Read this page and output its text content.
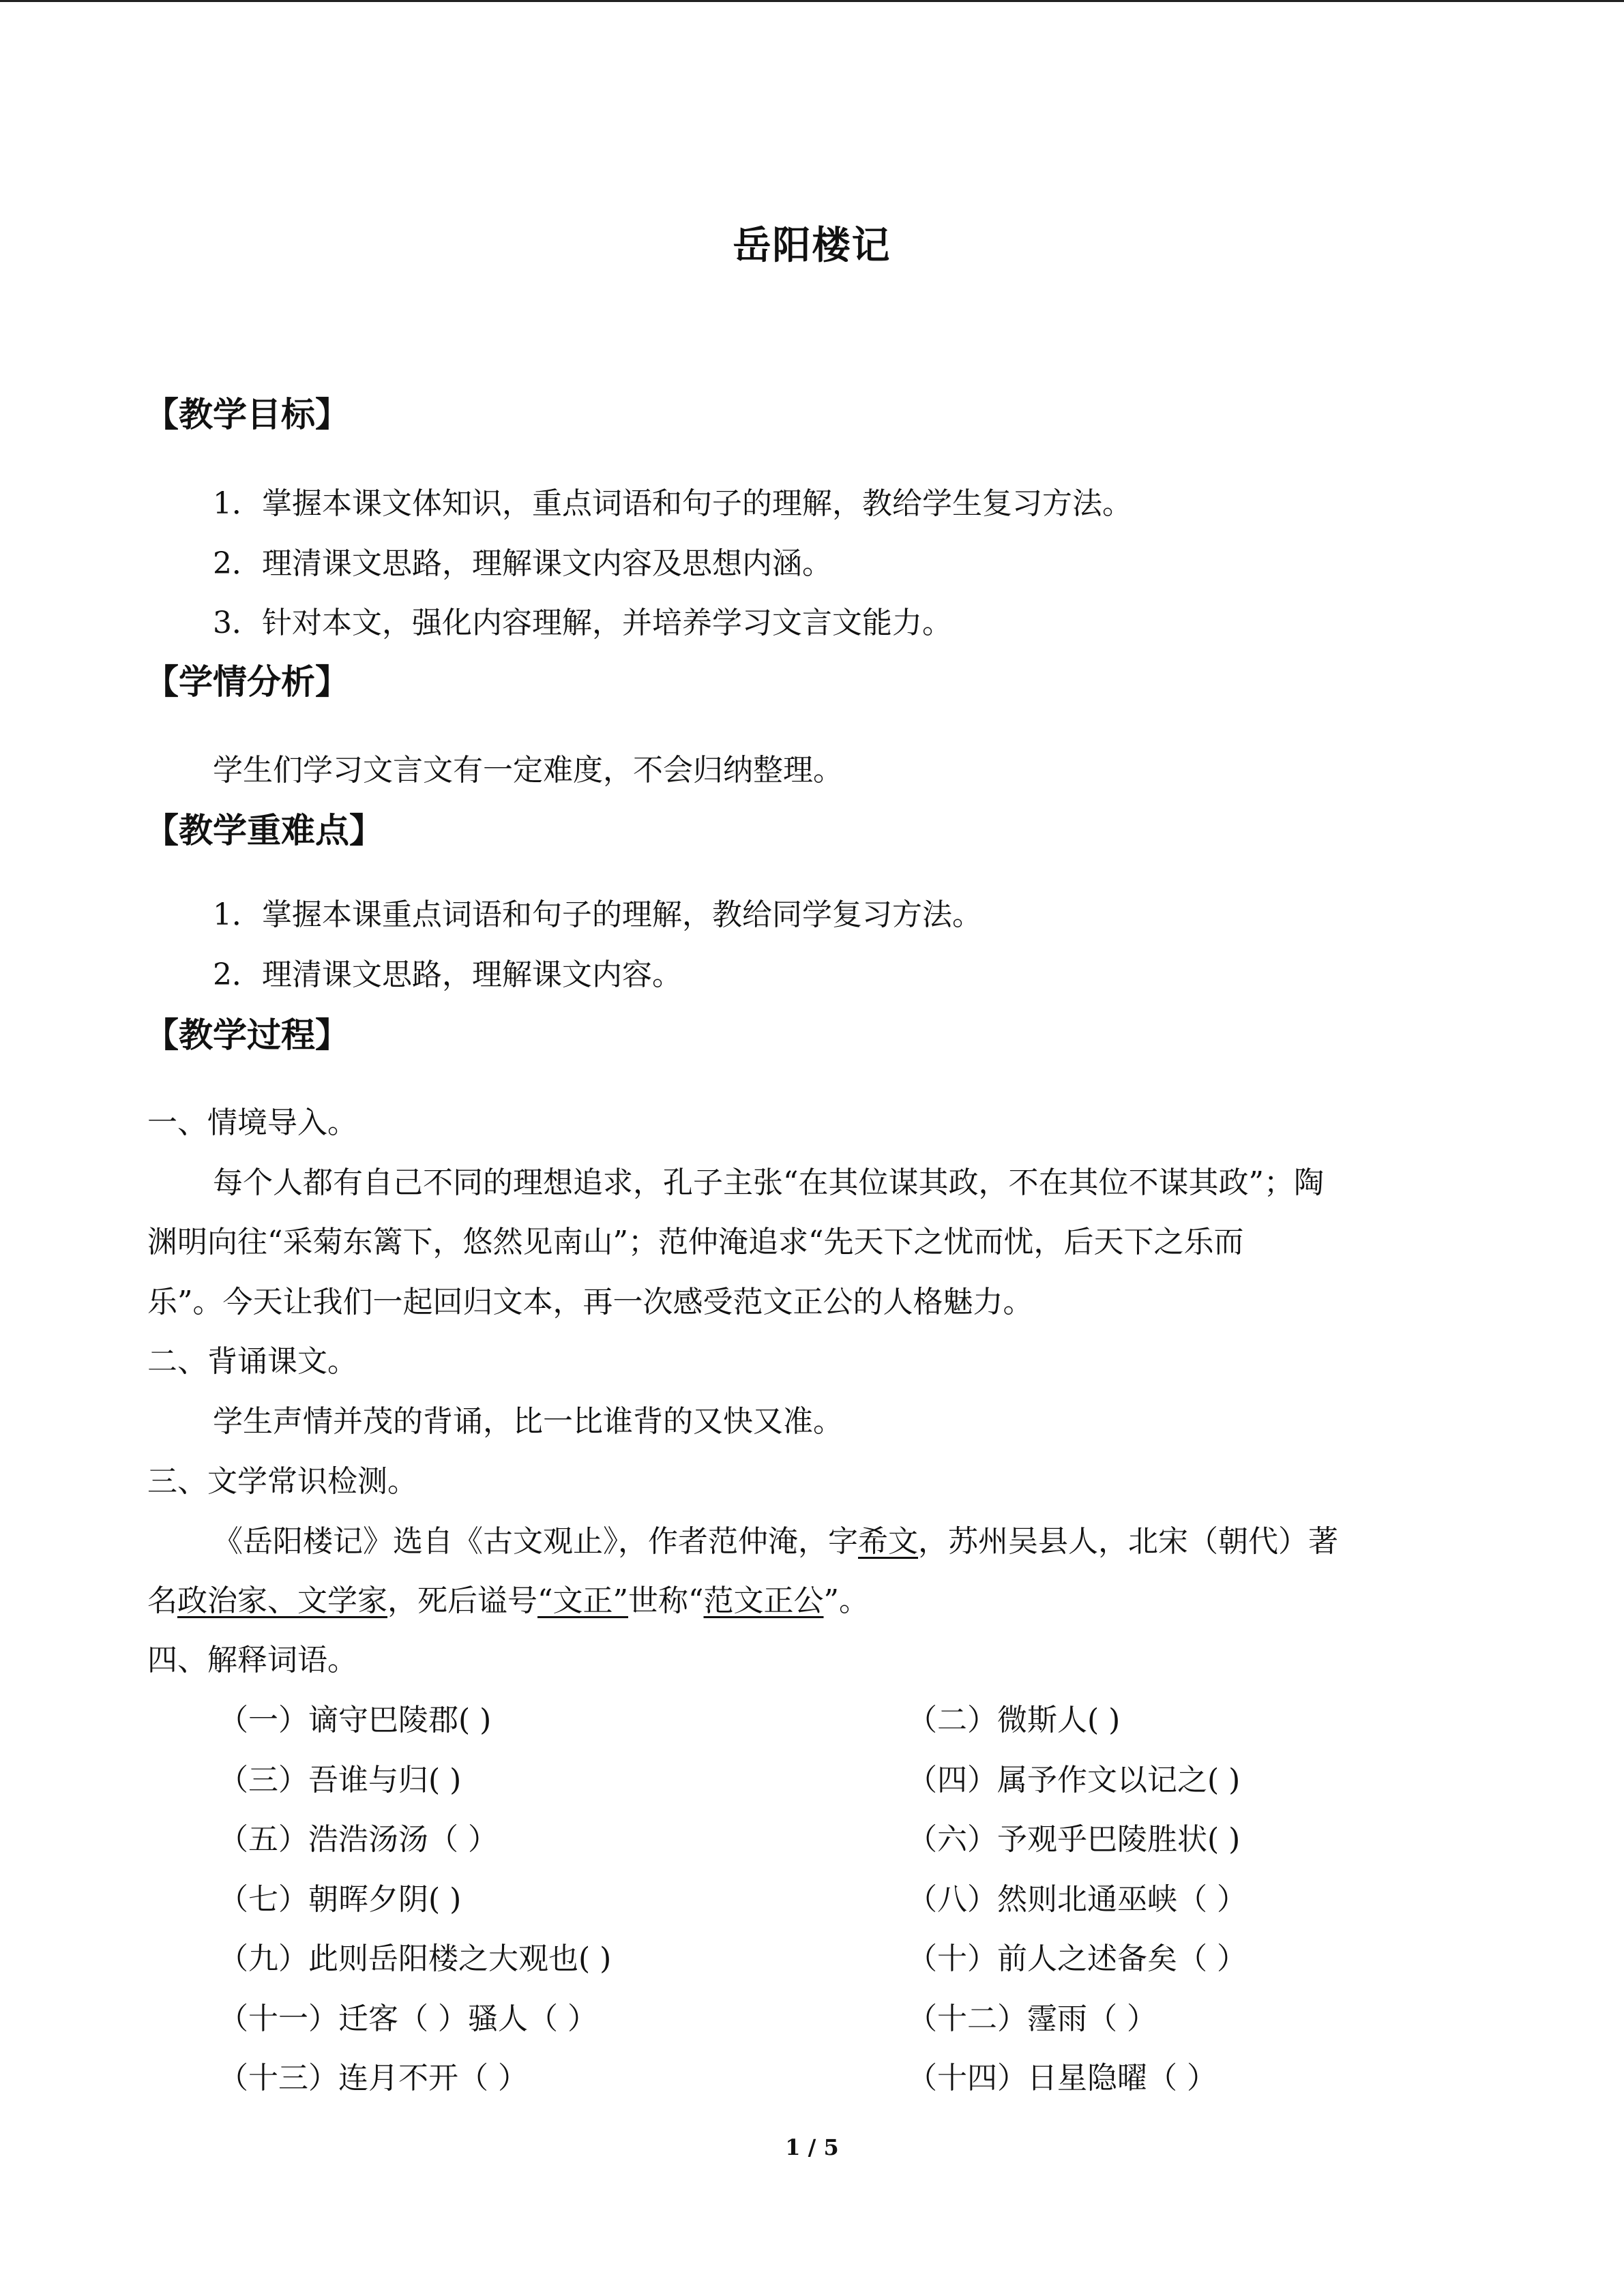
岳阳楼记
【教学目标】
1．掌握本课文体知识，重点词语和句子的理解，教给学生复习方法。
2．理清课文思路，理解课文内容及思想内涵。
3．针对本文，强化内容理解，并培养学习文言文能力。
【学情分析】
学生们学习文言文有一定难度，不会归纳整理。
【教学重难点】
1．掌握本课重点词语和句子的理解，教给同学复习方法。
2．理清课文思路，理解课文内容。
【教学过程】
一、情境导入。
每个人都有自己不同的理想追求，孔子主张“在其位谋其政，不在其位不谋其政”；陶
渊明向往“采菊东篱下，悠然见南山”；范仲淹追求“先天下之忧而忧，后天下之乐而
乐”。今天让我们一起回归文本，再一次感受范文正公的人格魅力。
二、背诵课文。
学生声情并茂的背诵，比一比谁背的又快又准。
三、文学常识检测。
《岳阳楼记》选自《古文观止》，作者范仲淹，字希文，苏州吴县人，北宋（朝代）著
名政治家、文学家，死后谥号“文正”世称“范文正公”。
四、解释词语。
（一）谪守巴陵郡( )	（二）微斯人( )
（三）吾谁与归( )	（四）属予作文以记之( )
（五）浩浩汤汤（ ）	（六）予观乎巴陵胜状( )
（七）朝晖夕阴( )	（八）然则北通巫峡（ ）
（九）此则岳阳楼之大观也( )	（十）前人之述备矣（ ）
（十一）迁客（ ）骚人（ ）	（十二）霪雨（ ）
（十三）连月不开（ ）	（十四）日星隐曜（ ）
1 / 5
